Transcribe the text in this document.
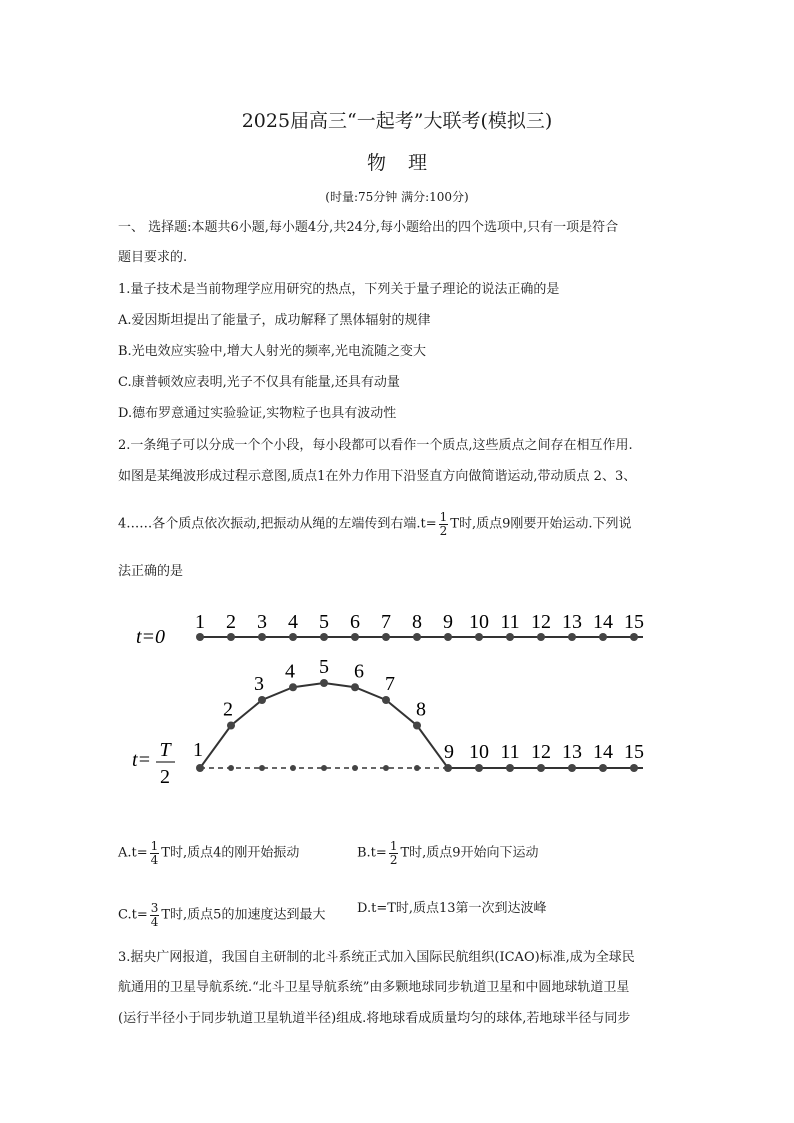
2025届高三“一起考”大联考(模拟三)
物理
(时量:75分钟 满分:100分)
一、 选择题:本题共6小题,每小题4分,共24分,每小题给出的四个选项中,只有一项是符合
题目要求的.
1.量子技术是当前物理学应用研究的热点，下列关于量子理论的说法正确的是
A.爱因斯坦提出了能量子，成功解释了黑体辐射的规律
B.光电效应实验中,增大人射光的频率,光电流随之变大
C.康普顿效应表明,光子不仅具有能量,还具有动量
D.德布罗意通过实验验证,实物粒子也具有波动性
2.一条绳子可以分成一个个小段，每小段都可以看作一个质点,这些质点之间存在相互作用.
如图是某绳波形成过程示意图,质点1在外力作用下沿竖直方向做简谐运动,带动质点 2、3、
4……各个质点依次振动,把振动从绳的左端传到右端$.t= \frac{1}{2}$ T时,质点9刚要开始运动.下列说
法正确的是
t=0
1 2 3 4 5 6 7 8 9 10 11 12 13 14 15
t= T
2
1
2
3
4 5 6
7
8
9 10 11 12 13 14 15
$A.t= \frac{1}{4}$ T时,质点4的刚开始振动	$B.t= \frac{1}{2}$ T时,质点9开始向下运动
$C.t= \frac{3}{4}$ T时,质点5的加速度达到最大 D.t=T时,质点13第一次到达波峰
3.据央广网报道，我国自主研制的北斗系统正式加入国际民航组织(ICAO)标准,成为全球民
航通用的卫星导航系统.“北斗卫星导航系统”由多颗地球同步轨道卫星和中圆地球轨道卫星
(运行半径小于同步轨道卫星轨道半径)组成.将地球看成质量均匀的球体,若地球半径与同步
